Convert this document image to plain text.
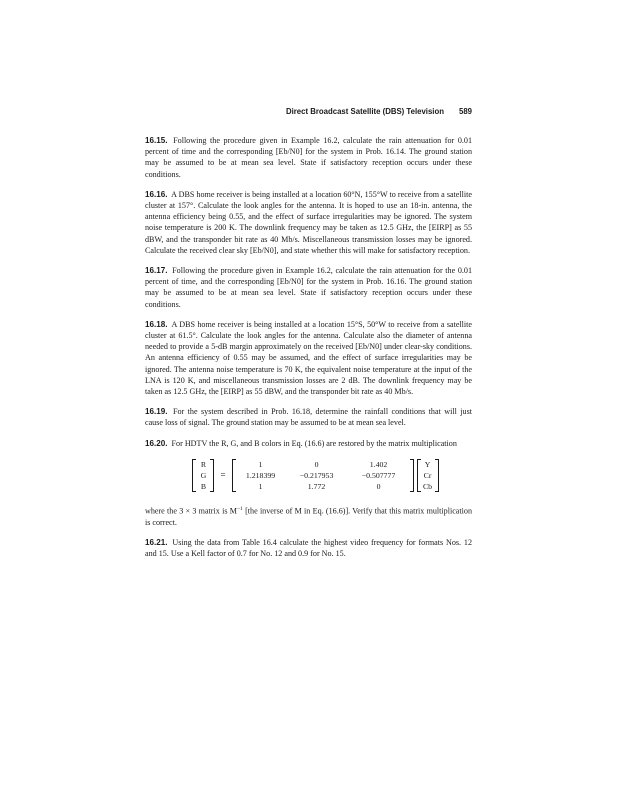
Direct Broadcast Satellite (DBS) Television 589

16.15. Following the procedure given in Example 16.2, calculate the rain attenuation for 0.01 percent of time and the corresponding [Eb/N0] for the system in Prob. 16.14. The ground station may be assumed to be at mean sea level. State if satisfactory reception occurs under these conditions.

16.16. A DBS home receiver is being installed at a location 60°N, 155°W to receive from a satellite cluster at 157°. Calculate the look angles for the antenna. It is hoped to use an 18-in. antenna, the antenna efficiency being 0.55, and the effect of surface irregularities may be ignored. The system noise temperature is 200 K. The downlink frequency may be taken as 12.5 GHz, the [EIRP] as 55 dBW, and the transponder bit rate as 40 Mb/s. Miscellaneous transmission losses may be ignored. Calculate the received clear sky [Eb/N0], and state whether this will make for satisfactory reception.

16.17. Following the procedure given in Example 16.2, calculate the rain attenuation for the 0.01 percent of time, and the corresponding [Eb/N0] for the system in Prob. 16.16. The ground station may be assumed to be at mean sea level. State if satisfactory reception occurs under these conditions.

16.18. A DBS home receiver is being installed at a location 15°S, 50°W to receive from a satellite cluster at 61.5°. Calculate the look angles for the antenna. Calculate also the diameter of antenna needed to provide a 5-dB margin approximately on the received [Eb/N0] under clear-sky conditions. An antenna efficiency of 0.55 may be assumed, and the effect of surface irregularities may be ignored. The antenna noise temperature is 70 K, the equivalent noise temperature at the input of the LNA is 120 K, and miscellaneous transmission losses are 2 dB. The downlink frequency may be taken as 12.5 GHz, the [EIRP] as 55 dBW, and the transponder bit rate as 40 Mb/s.

16.19. For the system described in Prob. 16.18, determine the rainfall conditions that will just cause loss of signal. The ground station may be assumed to be at mean sea level.

16.20. For HDTV the R, G, and B colors in Eq. (16.6) are restored by the matrix multiplication

R
G
B
=
1	0	1.402
1.218399	−0.217953	−0.507777
1	1.772	0
Y
Cr
Cb

where the 3 × 3 matrix is $M^{-1}$ [the inverse of M in Eq. (16.6)]. Verify that this matrix multiplication is correct.

16.21. Using the data from Table 16.4 calculate the highest video frequency for formats Nos. 12 and 15. Use a Kell factor of 0.7 for No. 12 and 0.9 for No. 15.
